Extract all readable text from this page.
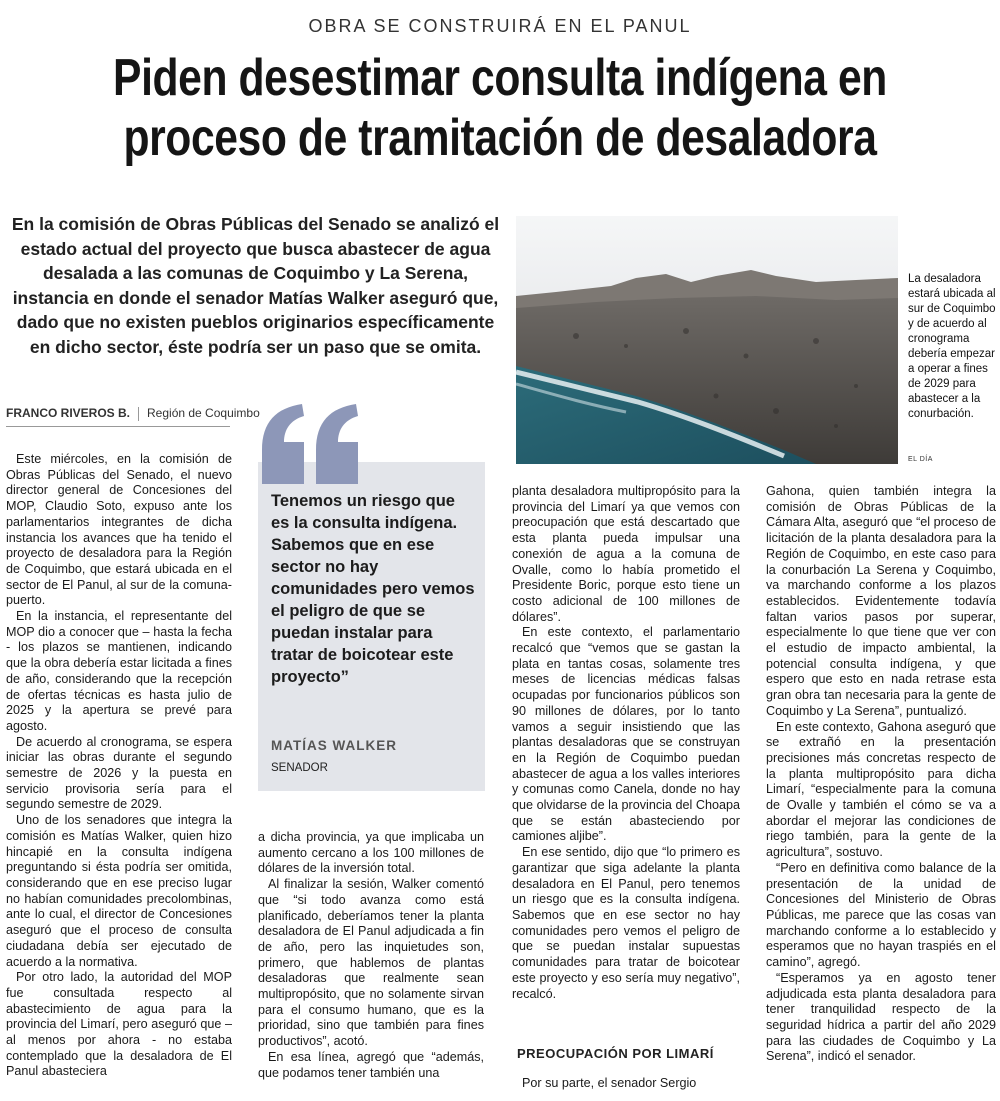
OBRA SE CONSTRUIRÁ EN EL PANUL
Piden desestimar consulta indígena en
proceso de tramitación de desaladora
En la comisión de Obras Públicas del Senado se analizó el estado actual del proyecto que busca abastecer de agua desalada a las comunas de Coquimbo y La Serena, instancia en donde el senador Matías Walker aseguró que, dado que no existen pueblos originarios específicamente en dicho sector, éste podría ser un paso que se omita.
La desaladora estará ubicada al sur de Coquimbo y de acuerdo al cronograma debería empezar a operar a fines de 2029 para abastecer a la conurbación.
EL DÍA
FRANCO RIVEROS B. Región de Coquimbo

Este miércoles, en la comisión de Obras Públicas del Senado, el nuevo director general de Concesiones del MOP, Claudio Soto, expuso ante los parlamentarios integrantes de dicha instancia los avances que ha tenido el proyecto de desaladora para la Región de Coquimbo, que estará ubicada en el sector de El Panul, al sur de la comuna-puerto.

En la instancia, el representante del MOP dio a conocer que – hasta la fecha - los plazos se mantienen, indicando que la obra debería estar licitada a fines de año, considerando que la recepción de ofertas técnicas es hasta julio de 2025 y la apertura se prevé para agosto.

De acuerdo al cronograma, se espera iniciar las obras durante el segundo semestre de 2026 y la puesta en servicio provisoria sería para el segundo semestre de 2029.

Uno de los senadores que integra la comisión es Matías Walker, quien hizo hincapié en la consulta indígena preguntando si ésta podría ser omitida, considerando que en ese preciso lugar no habían comunidades precolombinas, ante lo cual, el director de Concesiones aseguró que el proceso de consulta ciudadana debía ser ejecutado de acuerdo a la normativa.

Por otro lado, la autoridad del MOP fue consultada respecto al abastecimiento de agua para la provincia del Limarí, pero aseguró que – al menos por ahora - no estaba contemplado que la desaladora de El Panul abasteciera

Tenemos un riesgo que es la consulta indígena. Sabemos que en ese sector no hay comunidades pero vemos el peligro de que se puedan instalar para tratar de boicotear este proyecto”
MATÍAS WALKER
SENADOR

a dicha provincia, ya que implicaba un aumento cercano a los 100 millones de dólares de la inversión total.

Al finalizar la sesión, Walker comentó que “si todo avanza como está planificado, deberíamos tener la planta desaladora de El Panul adjudicada a fin de año, pero las inquietudes son, primero, que hablemos de plantas desaladoras que realmente sean multipropósito, que no solamente sirvan para el consumo humano, que es la prioridad, sino que también para fines productivos”, acotó.

En esa línea, agregó que “además, que podamos tener también una

planta desaladora multipropósito para la provincia del Limarí ya que vemos con preocupación que está descartado que esta planta pueda impulsar una conexión de agua a la comuna de Ovalle, como lo había prometido el Presidente Boric, porque esto tiene un costo adicional de 100 millones de dólares”.

En este contexto, el parlamentario recalcó que “vemos que se gastan la plata en tantas cosas, solamente tres meses de licencias médicas falsas ocupadas por funcionarios públicos son 90 millones de dólares, por lo tanto vamos a seguir insistiendo que las plantas desaladoras que se construyan en la Región de Coquimbo puedan abastecer de agua a los valles interiores y comunas como Canela, donde no hay que olvidarse de la provincia del Choapa que se están abasteciendo por camiones aljibe”.

En ese sentido, dijo que “lo primero es garantizar que siga adelante la planta desaladora en El Panul, pero tenemos un riesgo que es la consulta indígena. Sabemos que en ese sector no hay comunidades pero vemos el peligro de que se puedan instalar supuestas comunidades para tratar de boicotear este proyecto y eso sería muy negativo”, recalcó.

PREOCUPACIÓN POR LIMARÍ

Por su parte, el senador Sergio

Gahona, quien también integra la comisión de Obras Públicas de la Cámara Alta, aseguró que “el proceso de licitación de la planta desaladora para la Región de Coquimbo, en este caso para la conurbación La Serena y Coquimbo, va marchando conforme a los plazos establecidos. Evidentemente todavía faltan varios pasos por superar, especialmente lo que tiene que ver con el estudio de impacto ambiental, la potencial consulta indígena, y que espero que esto en nada retrase esta gran obra tan necesaria para la gente de Coquimbo y La Serena”, puntualizó.

En este contexto, Gahona aseguró que se extrañó en la presentación precisiones más concretas respecto de la planta multipropósito para dicha Limarí, “especialmente para la comuna de Ovalle y también el cómo se va a abordar el mejorar las condiciones de riego también, para la gente de la agricultura”, sostuvo.

“Pero en definitiva como balance de la presentación de la unidad de Concesiones del Ministerio de Obras Públicas, me parece que las cosas van marchando conforme a lo establecido y esperamos que no hayan traspiés en el camino”, agregó.

“Esperamos ya en agosto tener adjudicada esta planta desaladora para tener tranquilidad respecto de la seguridad hídrica a partir del año 2029 para las ciudades de Coquimbo y La Serena”, indicó el senador.
